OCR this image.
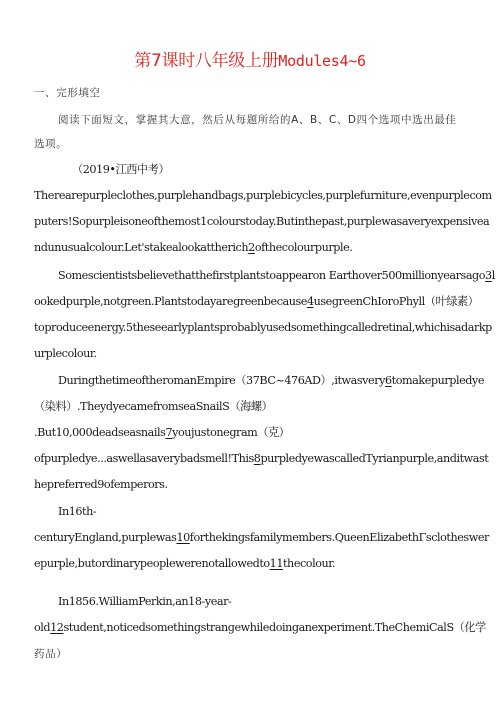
第7课时八年级上册Modules4~6
一、完形填空
阅读下面短文，掌握其大意，然后从每题所给的A、B、C、D四个选项中选出最佳
选项。
（2019•江西中考）
Therearepurpleclothes,purplehandbags,purplebicycles,purplefurniture,evenpurplecom
puters!Sopurpleisoneofthemost1colourstoday.Butinthepast,purplewasaveryexpensivea
ndunusualcolour.Let'stakealookattherich2ofthecolourpurple.
Somescientistsbelievethatthefirstplantstoappearon Earthover500millionyearsago3l
ookedpurple,notgreen.Plantstodayaregreenbecause4usegreenChIoroPhyll（叶绿素）
toproduceenergy.5theseearlyplantsprobablyusedsomethingcalledretinal,whichisadarkp
urplecolour.
DuringthetimeoftheromanEmpire（37BC~476AD）,itwasvery6tomakepurpledye
（染料）.TheydyecamefromseaSnailS（海螺）
.But10,000deadseasnails7youjustonegram（克）
ofpurpledye...aswellasaverybadsmell!This8purpledyewascalledTyrianpurple,anditwast
hepreferred9ofemperors.
In16th-
centuryEngland,purplewas10forthekingsfamilymembers.QueenElizabethΓsclotheswer
epurple,butordinarypeoplewerenotallowedto11thecolour.
In1856.WilliamPerkin,an18-year-
old12student,noticedsomethingstrangewhiledoinganexperiment.TheChemiCalS（化学
药品）
